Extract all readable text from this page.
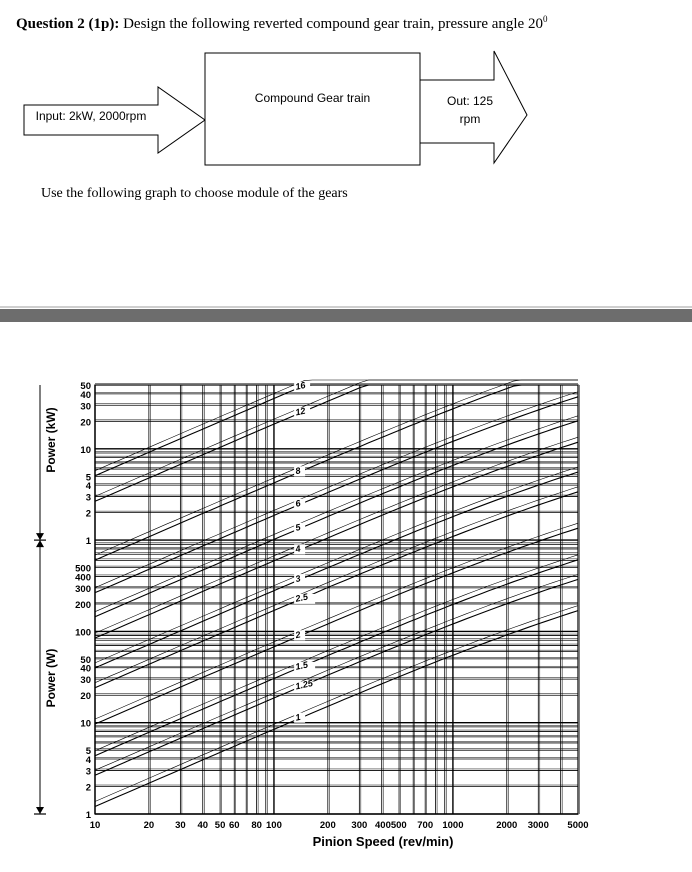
Question 2 (1p): Design the following reverted compound gear train, pressure angle $20^0$
Input: 2kW, 2000rpm
Compound Gear train	Out: 125
rpm
Use the following graph to choose module of the gears
16
12
8
6
5
4
3
2.5
2
1.5
1.25
1
10	20 30 40 50 60 80 100	200 300 400500 700 1000	2000 3000 5000
50
40
30
20
10
5
4
3
2
1
500
400
300
200
100
50
40
30
20
10
5
4
3
2
1
Power (kW)
Power (W)
Pinion Speed (rev/min)
